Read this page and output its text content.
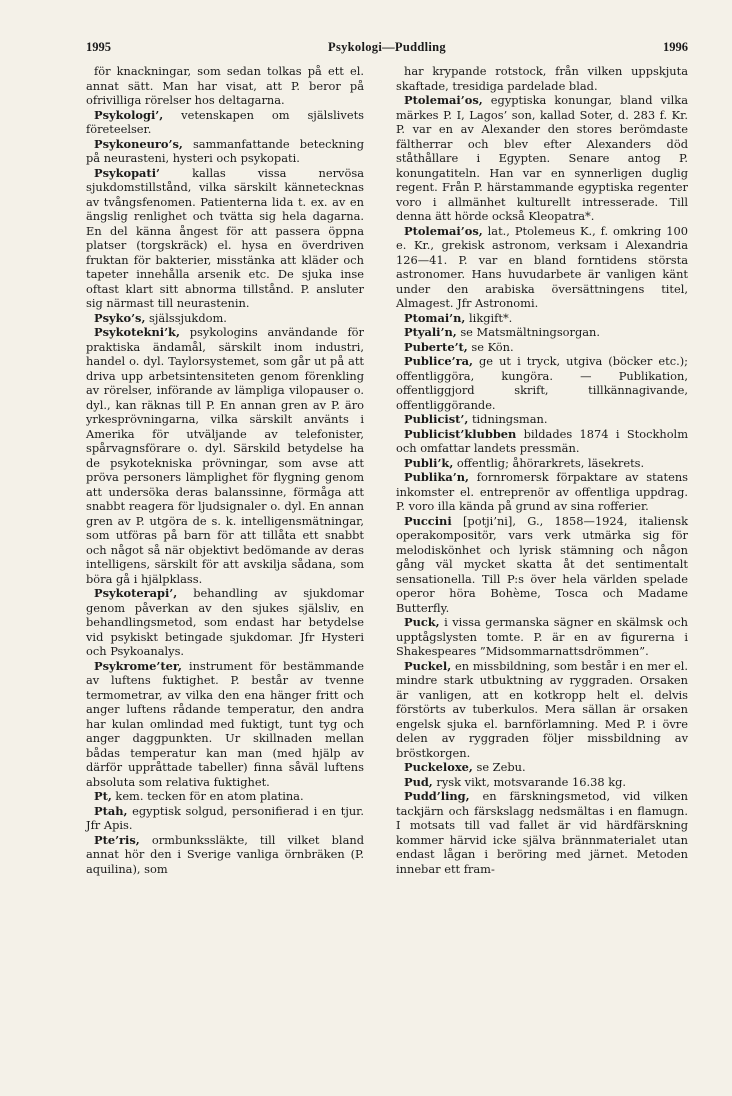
1995	Psykologi—Puddling	1996

för knackningar, som sedan tolkas på ett el. annat sätt. Man har visat, att P. beror på ofrivilliga rörelser hos deltagarna.

Psykologi’, vetenskapen om själslivets företeelser.

Psykoneuro’s, sammanfattande beteckning på neurasteni, hysteri och psykopati.

Psykopati’ kallas vissa nervösa sjukdomstillstånd, vilka särskilt kännetecknas av tvångsfenomen. Patienterna lida t. ex. av en ängslig renlighet och tvätta sig hela dagarna. En del känna ångest för att passera öppna platser (torgskräck) el. hysa en överdriven fruktan för bakterier, misstänka att kläder och tapeter innehålla arsenik etc. De sjuka inse oftast klart sitt abnorma tillstånd. P. ansluter sig närmast till neurastenin.

Psyko’s, själssjukdom.

Psykotekni’k, psykologins användande för praktiska ändamål, särskilt inom industri, handel o. dyl. Taylorsystemet, som går ut på att driva upp arbetsintensiteten genom förenkling av rörelser, införande av lämpliga vilopauser o. dyl., kan räknas till P. En annan gren av P. äro yrkesprövningarna, vilka särskilt använts i Amerika för utväljande av telefonister, spårvagnsförare o. dyl. Särskild betydelse ha de psykotekniska prövningar, som avse att pröva personers lämplighet för flygning genom att undersöka deras balanssinne, förmåga att snabbt reagera för ljudsignaler o. dyl. En annan gren av P. utgöra de s. k. intelligensmätningar, som utföras på barn för att tillåta ett snabbt och något så när objektivt bedömande av deras intelligens, särskilt för att avskilja sådana, som böra gå i hjälpklass.

Psykoterapi’, behandling av sjukdomar genom påverkan av den sjukes själsliv, en behandlingsmetod, som endast har betydelse vid psykiskt betingade sjukdomar. Jfr Hysteri och Psykoanalys.

Psykrome’ter, instrument för bestämmande av luftens fuktighet. P. består av tvenne termometrar, av vilka den ena hänger fritt och anger luftens rådande temperatur, den andra har kulan omlindad med fuktigt, tunt tyg och anger daggpunkten. Ur skillnaden mellan bådas temperatur kan man (med hjälp av därför uppråttade tabeller) finna såväl luftens absoluta som relativa fuktighet.

Pt, kem. tecken för en atom platina.

Ptah, egyptisk solgud, personifierad i en tjur. Jfr Apis.

Pte’ris, ormbunkssläkte, till vilket bland annat hör den i Sverige vanliga örnbräken (P. aquilina), som

har krypande rotstock, från vilken uppskjuta skaftade, tresidiga pardelade blad.

Ptolemai’os, egyptiska konungar, bland vilka märkes P. I, Lagos’ son, kallad Soter, d. 283 f. Kr. P. var en av Alexander den stores berömdaste fältherrar och blev efter Alexanders död ståthållare i Egypten. Senare antog P. konungatiteln. Han var en synnerligen duglig regent. Från P. härstammande egyptiska regenter voro i allmänhet kulturellt intresserade. Till denna ätt hörde också Kleopatra*.

Ptolemai’os, lat., Ptolemeus K., f. omkring 100 e. Kr., grekisk astronom, verksam i Alexandria 126—41. P. var en bland forntidens största astronomer. Hans huvudarbete är vanligen känt under den arabiska översättningens titel, Almagest. Jfr Astronomi.

Ptomai’n, likgift*.

Ptyali’n, se Matsmältningsorgan.

Puberte’t, se Kön.

Publice’ra, ge ut i tryck, utgiva (böcker etc.); offentliggöra, kungöra. — Publikation, offentliggjord skrift, tillkännagivande, offentliggörande.

Publicist’, tidningsman.

Publicist’klubben bildades 1874 i Stockholm och omfattar landets pressmän.

Publi’k, offentlig; åhörarkrets, läsekrets.

Publika’n, fornromersk förpaktare av statens inkomster el. entreprenör av offentliga uppdrag. P. voro illa kända på grund av sina rofferier.

Puccini [potji’ni], G., 1858—1924, italiensk operakompositör, vars verk utmärka sig för melodiskönhet och lyrisk stämning och någon gång väl mycket skatta åt det sentimentalt sensationella. Till P:s över hela världen spelade operor höra Bohème, Tosca och Madame Butterfly.

Puck, i vissa germanska sägner en skälmsk och upptågslysten tomte. P. är en av figurerna i Shakespeares ”Midsommarnattsdrömmen”.

Puckel, en missbildning, som består i en mer el. mindre stark utbuktning av ryggraden. Orsaken är vanligen, att en kotkropp helt el. delvis förstörts av tuberkulos. Mera sällan är orsaken engelsk sjuka el. barnförlamning. Med P. i övre delen av ryggraden följer missbildning av bröstkorgen.

Puckeloxe, se Zebu.

Pud, rysk vikt, motsvarande 16.38 kg.

Pudd’ling, en färskningsmetod, vid vilken tackjärn och färskslagg nedsmältas i en flamugn. I motsats till vad fallet är vid härdfärskning kommer härvid icke själva brännmaterialet utan endast lågan i beröring med järnet. Metoden innebar ett fram-
